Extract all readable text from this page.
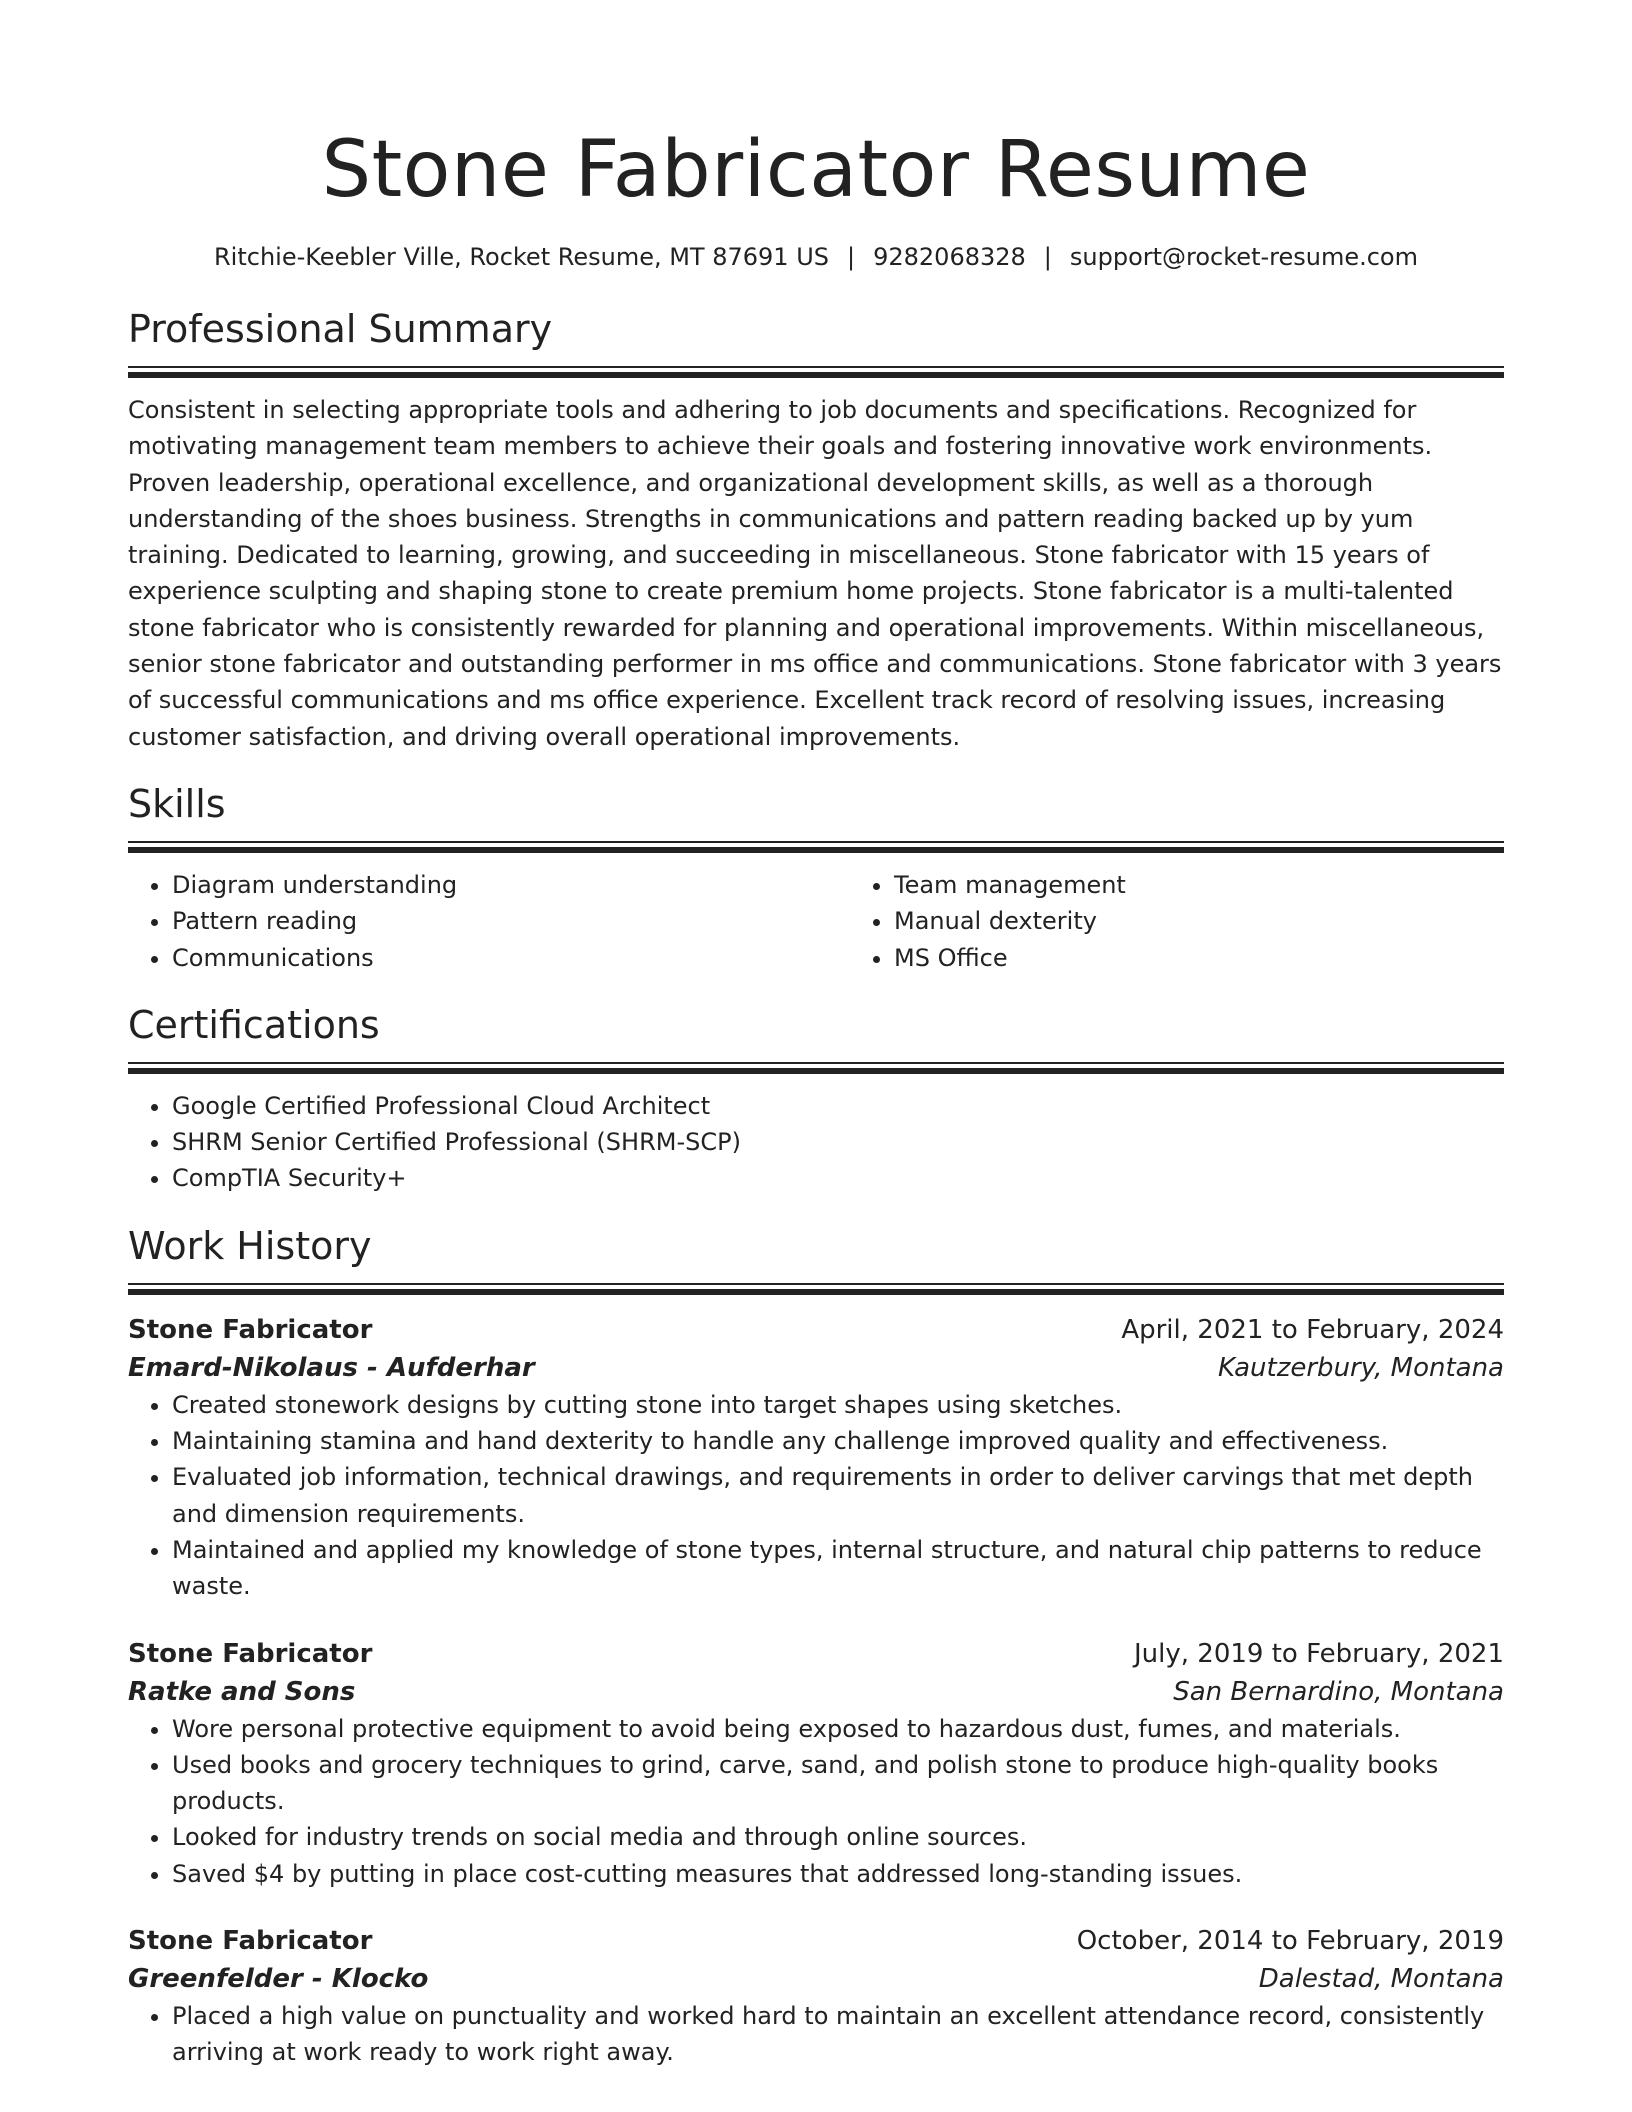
Stone Fabricator Resume
Ritchie-Keebler Ville, Rocket Resume, MT 87691 US | 9282068328 | support@rocket-resume.com
Professional Summary

Consistent in selecting appropriate tools and adhering to job documents and specifications. Recognized for motivating management team members to achieve their goals and fostering innovative work environments. Proven leadership, operational excellence, and organizational development skills, as well as a thorough understanding of the shoes business. Strengths in communications and pattern reading backed up by yum training. Dedicated to learning, growing, and succeeding in miscellaneous. Stone fabricator with 15 years of experience sculpting and shaping stone to create premium home projects. Stone fabricator is a multi-talented stone fabricator who is consistently rewarded for planning and operational improvements. Within miscellaneous, senior stone fabricator and outstanding performer in ms office and communications. Stone fabricator with 3 years of successful communications and ms office experience. Excellent track record of resolving issues, increasing customer satisfaction, and driving overall operational improvements.

Skills
• Diagram understanding
• Pattern reading
• Communications
• Team management
• Manual dexterity
• MS Office
Certifications
• Google Certified Professional Cloud Architect
• SHRM Senior Certified Professional (SHRM-SCP)
• CompTIA Security+
Work History
Stone Fabricator	April, 2021 to February, 2024
Emard-Nikolaus - Aufderhar	Kautzerbury, Montana
• Created stonework designs by cutting stone into target shapes using sketches.
• Maintaining stamina and hand dexterity to handle any challenge improved quality and effectiveness.
• Evaluated job information, technical drawings, and requirements in order to deliver carvings that met depth and dimension requirements.
• Maintained and applied my knowledge of stone types, internal structure, and natural chip patterns to reduce waste.
Stone Fabricator	July, 2019 to February, 2021
Ratke and Sons	San Bernardino, Montana
• Wore personal protective equipment to avoid being exposed to hazardous dust, fumes, and materials.
• Used books and grocery techniques to grind, carve, sand, and polish stone to produce high-quality books products.
• Looked for industry trends on social media and through online sources.
• Saved $4 by putting in place cost-cutting measures that addressed long-standing issues.
Stone Fabricator	October, 2014 to February, 2019
Greenfelder - Klocko	Dalestad, Montana
• Placed a high value on punctuality and worked hard to maintain an excellent attendance record, consistently arriving at work ready to work right away.
